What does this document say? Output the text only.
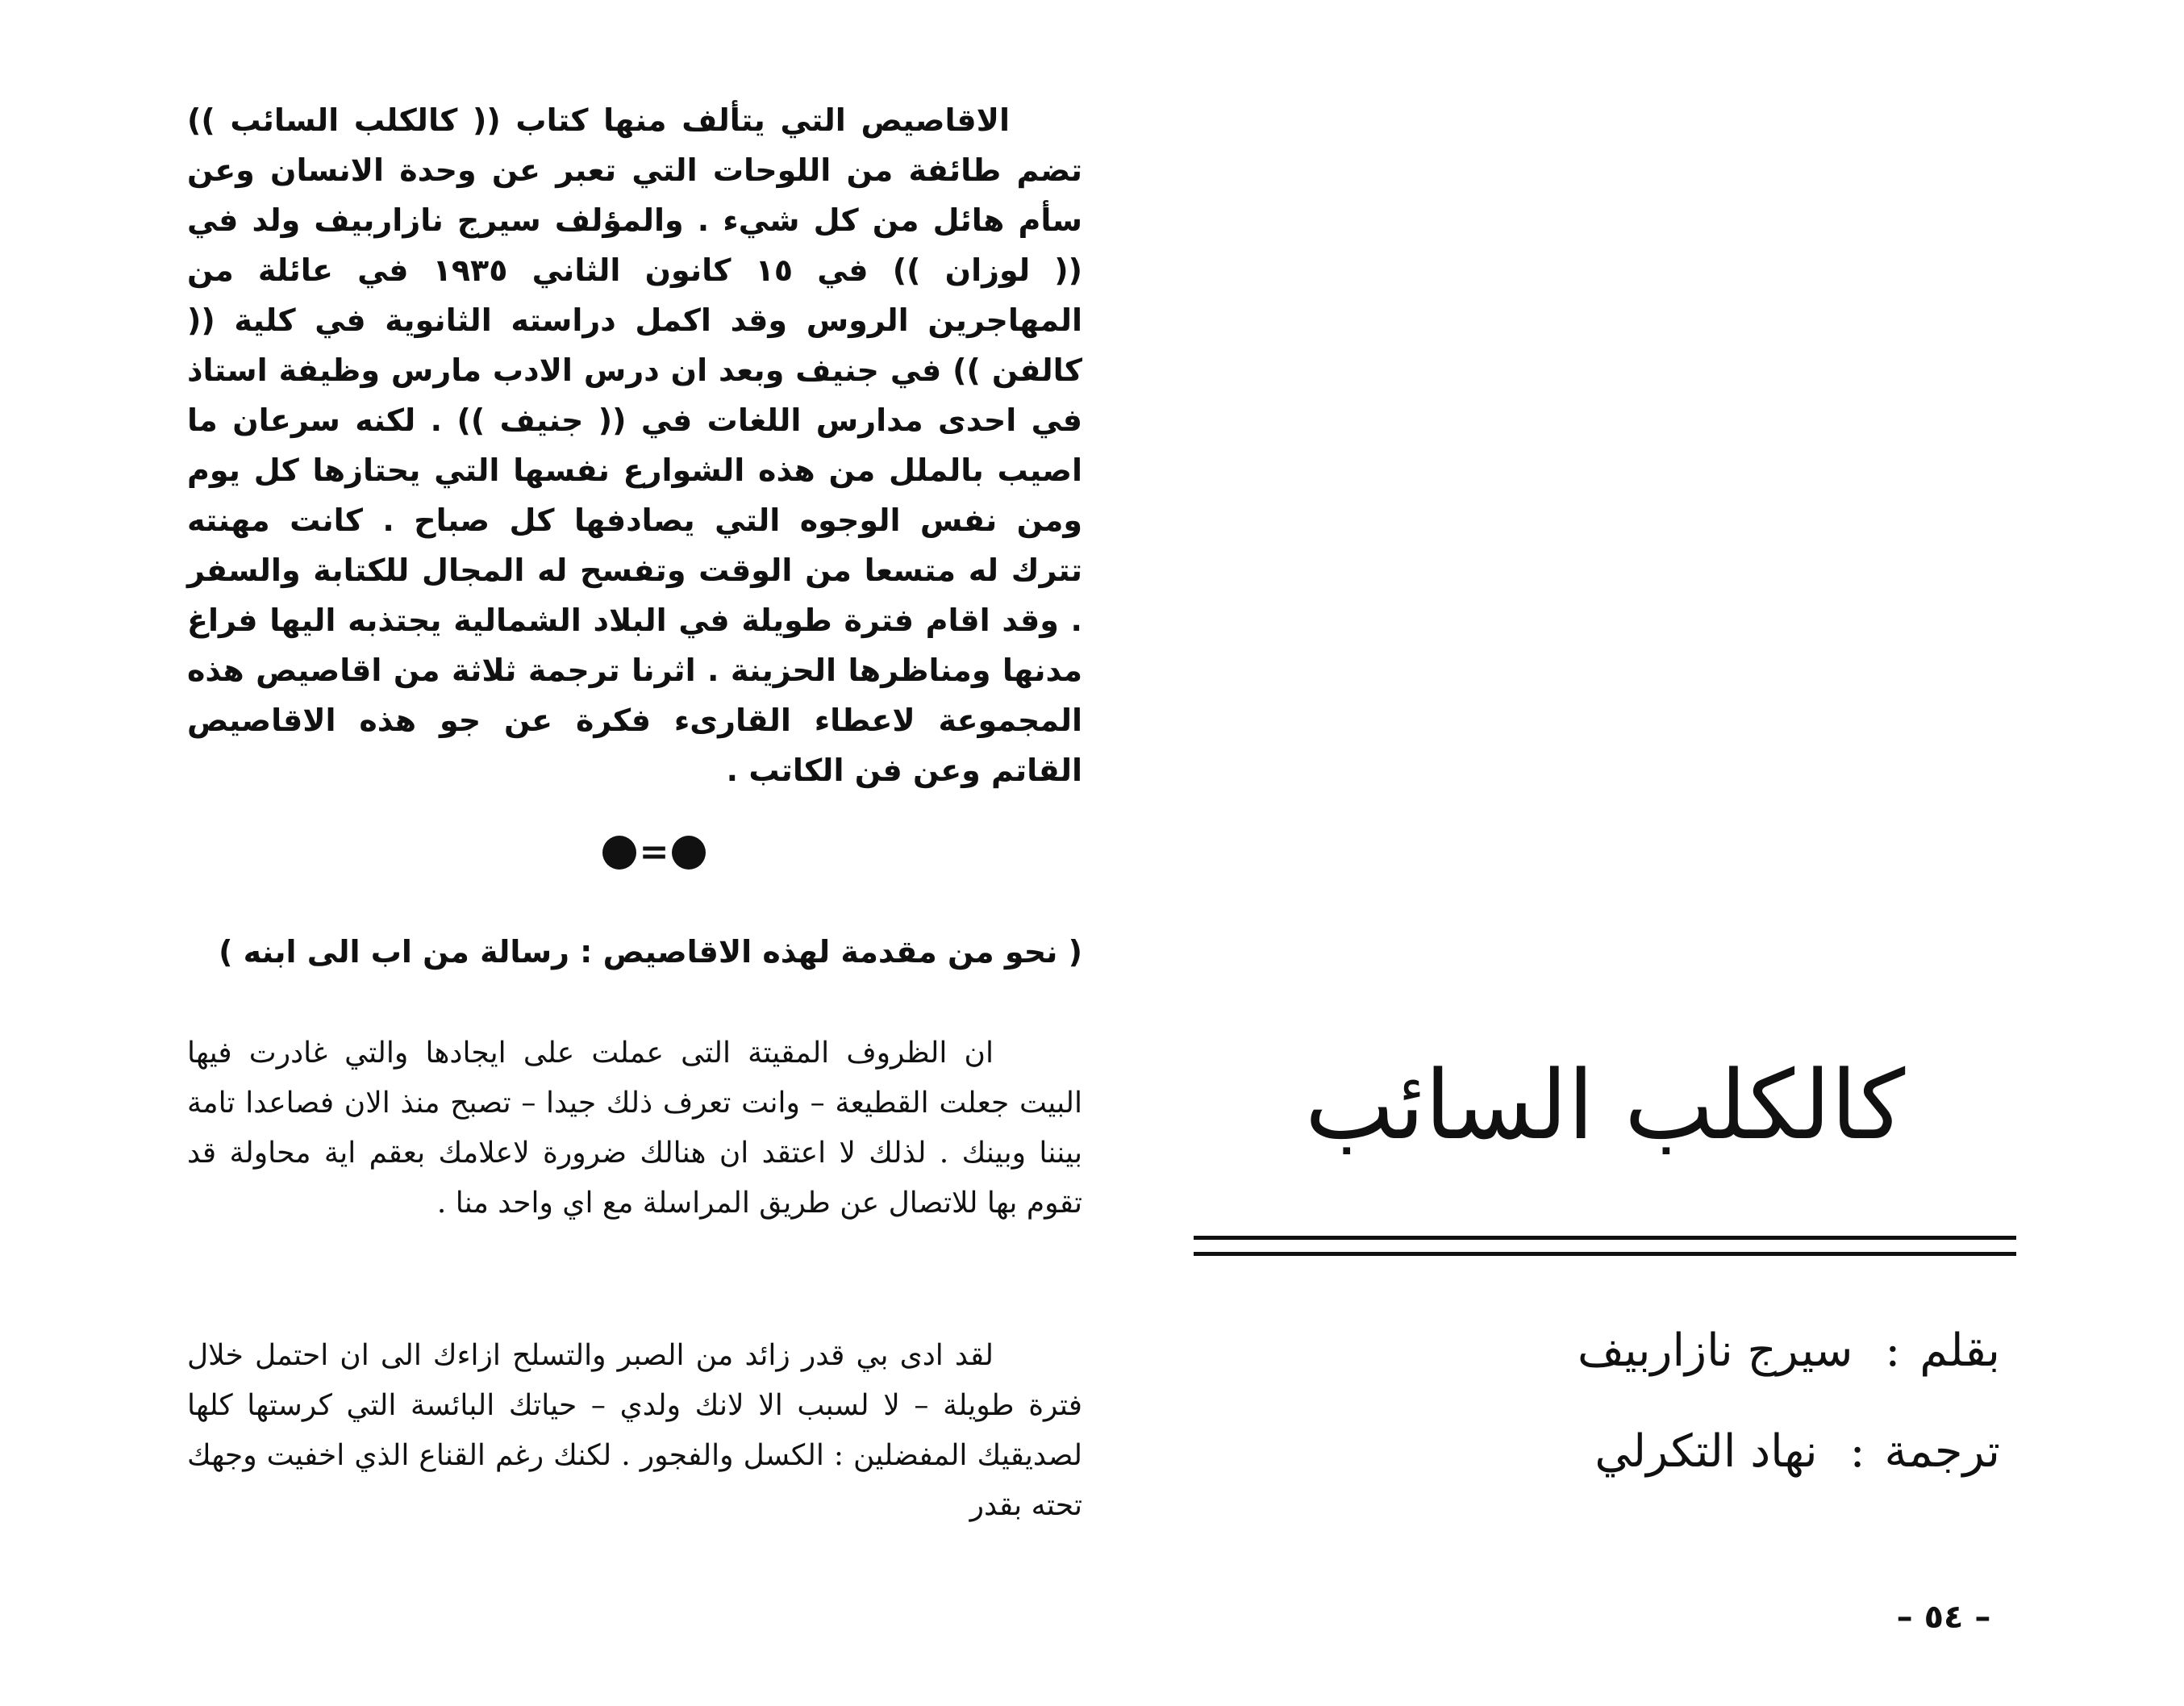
الاقاصيص التي يتألف منها كتاب (( كالكلب السائب )) تضم طائفة من اللوحات التي تعبر عن وحدة الانسان وعن سأم هائل من كل شيء . والمؤلف سيرج نازاربيف ولد في (( لوزان )) في ١٥ كانون الثاني ١٩٣٥ في عائلة من المهاجرين الروس وقد اكمل دراسته الثانوية في كلية (( كالفن )) في جنيف وبعد ان درس الادب مارس وظيفة استاذ في احدى مدارس اللغات في (( جنيف )) . لكنه سرعان ما اصيب بالملل من هذه الشوارع نفسها التي يحتازها كل يوم ومن نفس الوجوه التي يصادفها كل صباح . كانت مهنته تترك له متسعا من الوقت وتفسح له المجال للكتابة والسفر . وقد اقام فترة طويلة في البلاد الشمالية يجتذبه اليها فراغ مدنها ومناظرها الحزينة . اثرنا ترجمة ثلاثة من اقاصيص هذه المجموعة لاعطاء القارىء فكرة عن جو هذه الاقاصيص القاتم وعن فن الكاتب .

=

( نحو من مقدمة لهذه الاقاصيص : رسالة من اب الى ابنه )

ان الظروف المقيتة التى عملت على ايجادها والتي غادرت فيها البيت جعلت القطيعة – وانت تعرف ذلك جيدا – تصبح منذ الان فصاعدا تامة بيننا وبينك . لذلك لا اعتقد ان هنالك ضرورة لاعلامك بعقم اية محاولة قد تقوم بها للاتصال عن طريق المراسلة مع اي واحد منا .

لقد ادى بي قدر زائد من الصبر والتسلح ازاءك الى ان احتمل خلال فترة طويلة – لا لسبب الا لانك ولدي – حياتك البائسة التي كرستها كلها لصديقيك المفضلين : الكسل والفجور . لكنك رغم القناع الذي اخفيت وجهك تحته بقدر

كالكلب السائب
بقلم:سيرج نازاربيف
ترجمة:نهاد التكرلي
– ٥٤ –
